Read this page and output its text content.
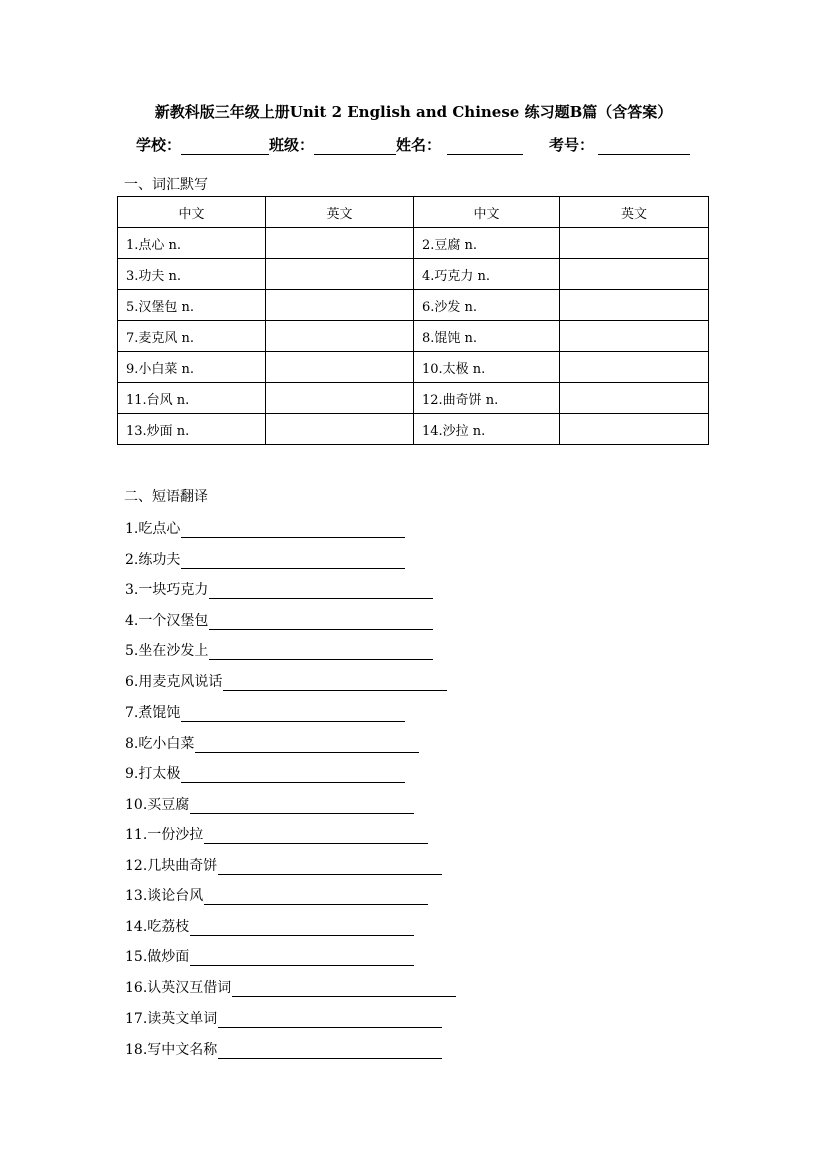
新教科版三年级上册Unit 2 English and Chinese 练习题B篇（含答案）
学校：	班级：	姓名：	考号：
一、词汇默写
中文	英文	中文	英文
1.点心 n.		2.豆腐 n.	
3.功夫 n.		4.巧克力 n.	
5.汉堡包 n.		6.沙发 n.	
7.麦克风 n.		8.馄饨 n.	
9.小白菜 n.		10.太极 n.	
11.台风 n.		12.曲奇饼 n.	
13.炒面 n.		14.沙拉 n.	
二、短语翻译
1.吃点心
2.练功夫
3.一块巧克力
4.一个汉堡包
5.坐在沙发上
6.用麦克风说话
7.煮馄饨
8.吃小白菜
9.打太极
10.买豆腐
11.一份沙拉
12.几块曲奇饼
13.谈论台风
14.吃荔枝
15.做炒面
16.认英汉互借词
17.读英文单词
18.写中文名称
